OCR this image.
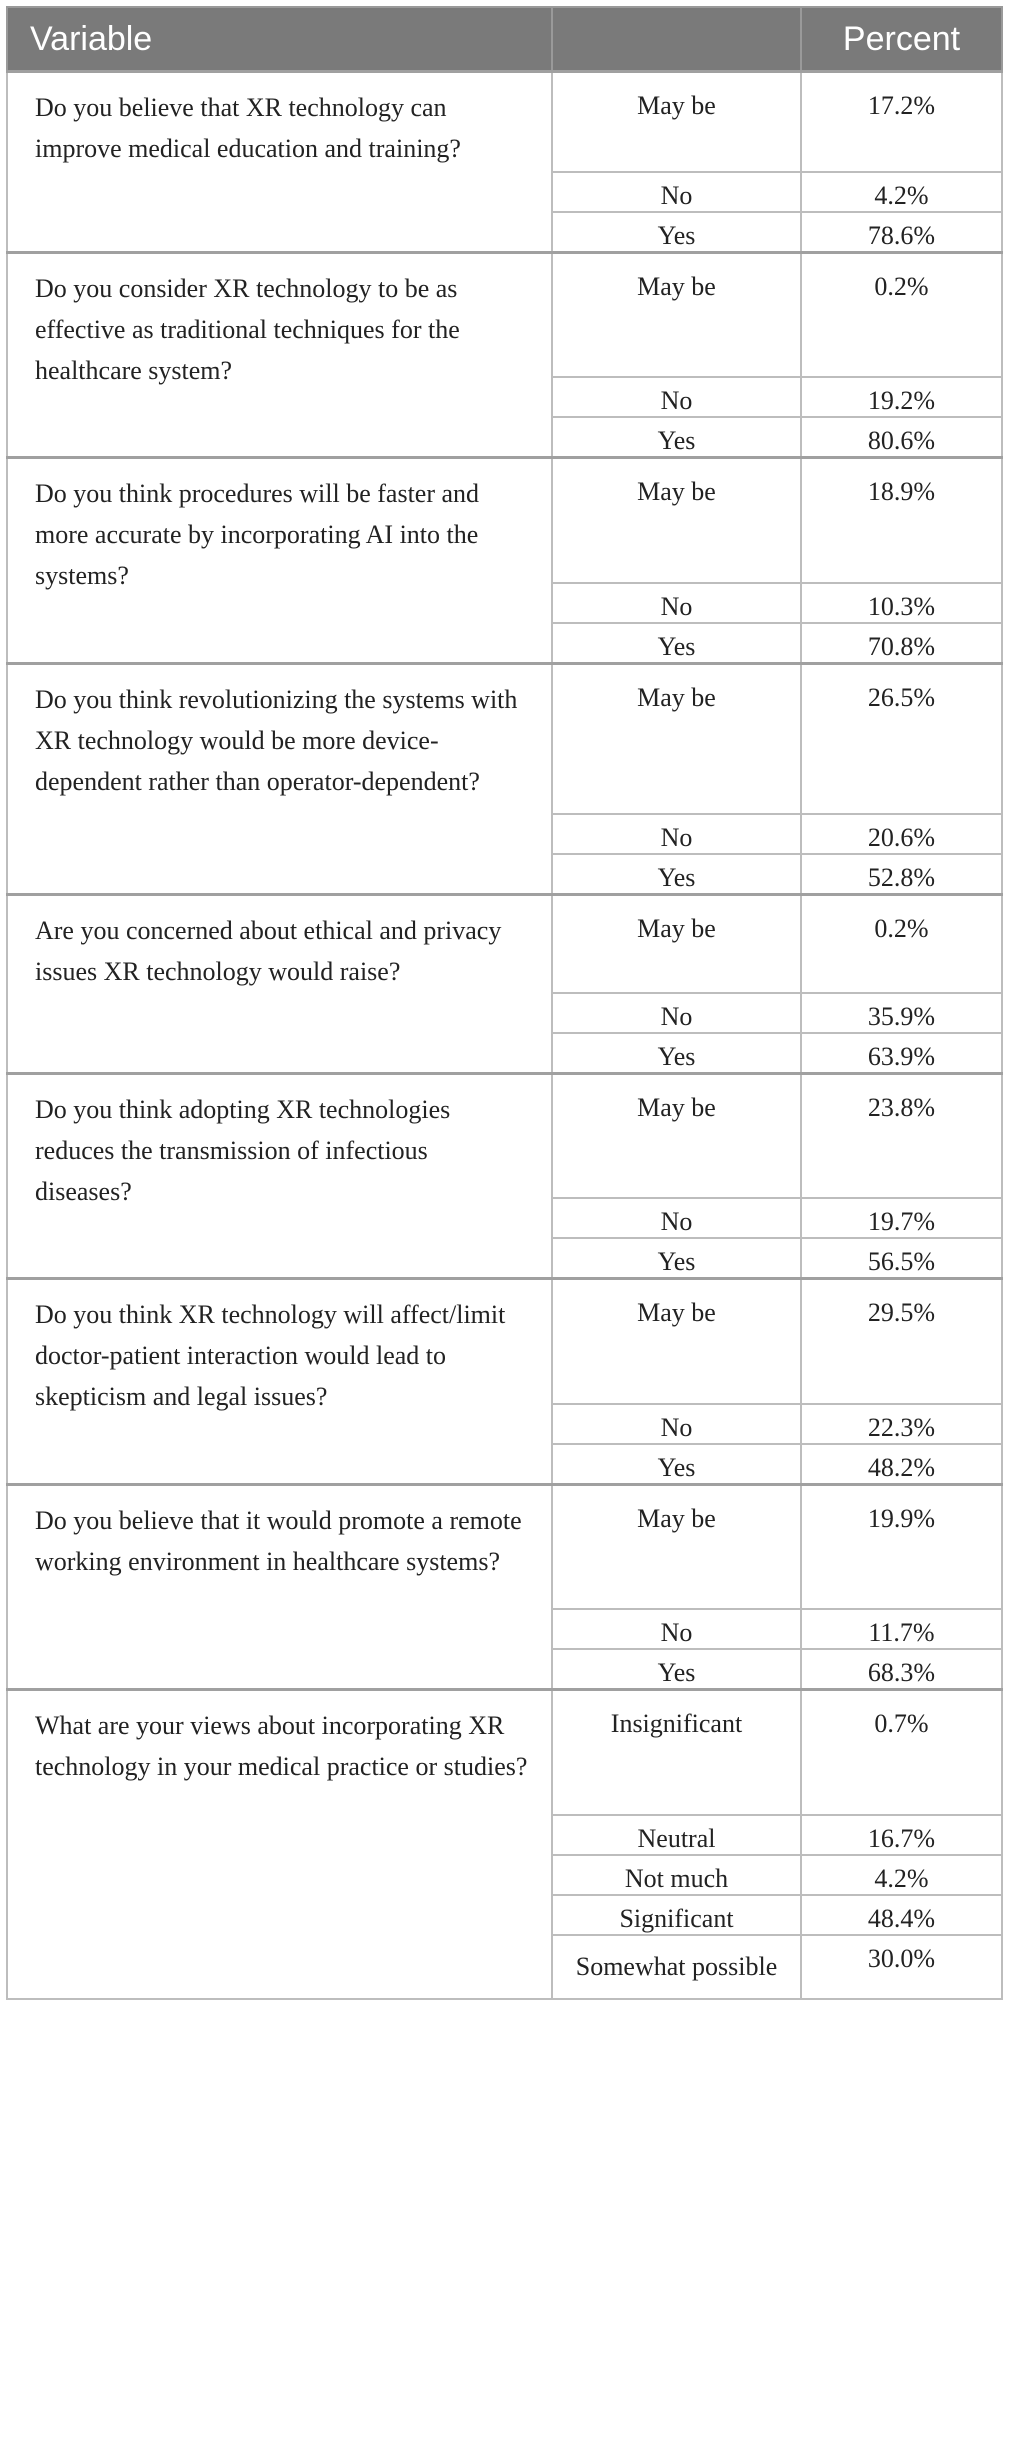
Variable		Percent
Do you believe that XR technology can improve medical education and training?	May be	17.2%
	No	4.2%
	Yes	78.6%
Do you consider XR technology to be as effective as traditional techniques for the healthcare system?	May be	0.2%
	No	19.2%
	Yes	80.6%
Do you think procedures will be faster and more accurate by incorporating AI into the systems?	May be	18.9%
	No	10.3%
	Yes	70.8%
Do you think revolutionizing the systems with XR technology would be more device-dependent rather than operator-dependent?	May be	26.5%
	No	20.6%
	Yes	52.8%
Are you concerned about ethical and privacy issues XR technology would raise?	May be	0.2%
	No	35.9%
	Yes	63.9%
Do you think adopting XR technologies reduces the transmission of infectious diseases?	May be	23.8%
	No	19.7%
	Yes	56.5%
Do you think XR technology will affect/limit doctor-patient interaction would lead to skepticism and legal issues?	May be	29.5%
	No	22.3%
	Yes	48.2%
Do you believe that it would promote a remote working environment in healthcare systems?	May be	19.9%
	No	11.7%
	Yes	68.3%
What are your views about incorporating XR technology in your medical practice or studies?	Insignificant	0.7%
	Neutral	16.7%
	Not much	4.2%
	Significant	48.4%
	Somewhat possible	30.0%
